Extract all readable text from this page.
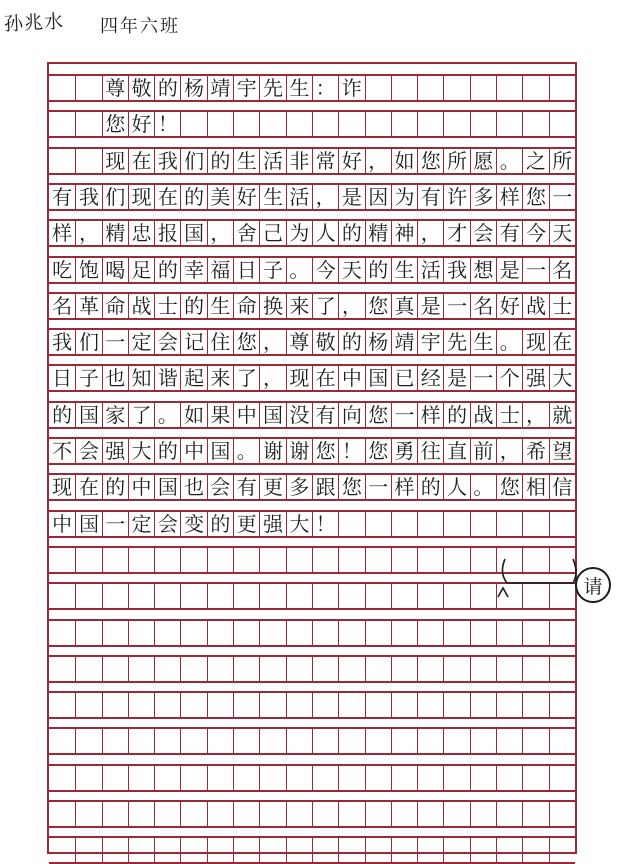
孙兆水 四年六班
尊 敬 的 杨 靖 宇 先 生 ： 诈
您 好 ！
现 在 我 们 的 生 活 非 常 好 ， 如 您 所 愿 。 之 所
有 我 们 现 在 的 美 好 生 活 ， 是 因 为 有 许 多 样 您 一
样 ， 精 忠 报 国 ， 舍 己 为 人 的 精 神 ， 才 会 有 今 天
吃 饱 喝 足 的 幸 福 日 子 。 今 天 的 生 活 我 想 是 一 名
名 革 命 战 士 的 生 命 换 来 了 ， 您 真 是 一 名 好 战 士
我 们 一 定 会 记 住 您 ， 尊 敬 的 杨 靖 宇 先 生 。 现 在
日 子 也 知 谐 起 来 了 ， 现 在 中 国 已 经 是 一 个 强 大
的 国 家 了 。 如 果 中 国 没 有 向 您 一 样 的 战 士 ， 就
不 会 强 大 的 中 国 。 谢 谢 您 ！ 您 勇 往 直 前 ， 希 望
现 在 的 中 国 也 会 有 更 多 跟 您 一 样 的 人 。 您 相 信
中 国 一 定 会 变 的 更 强 大 ！
请
